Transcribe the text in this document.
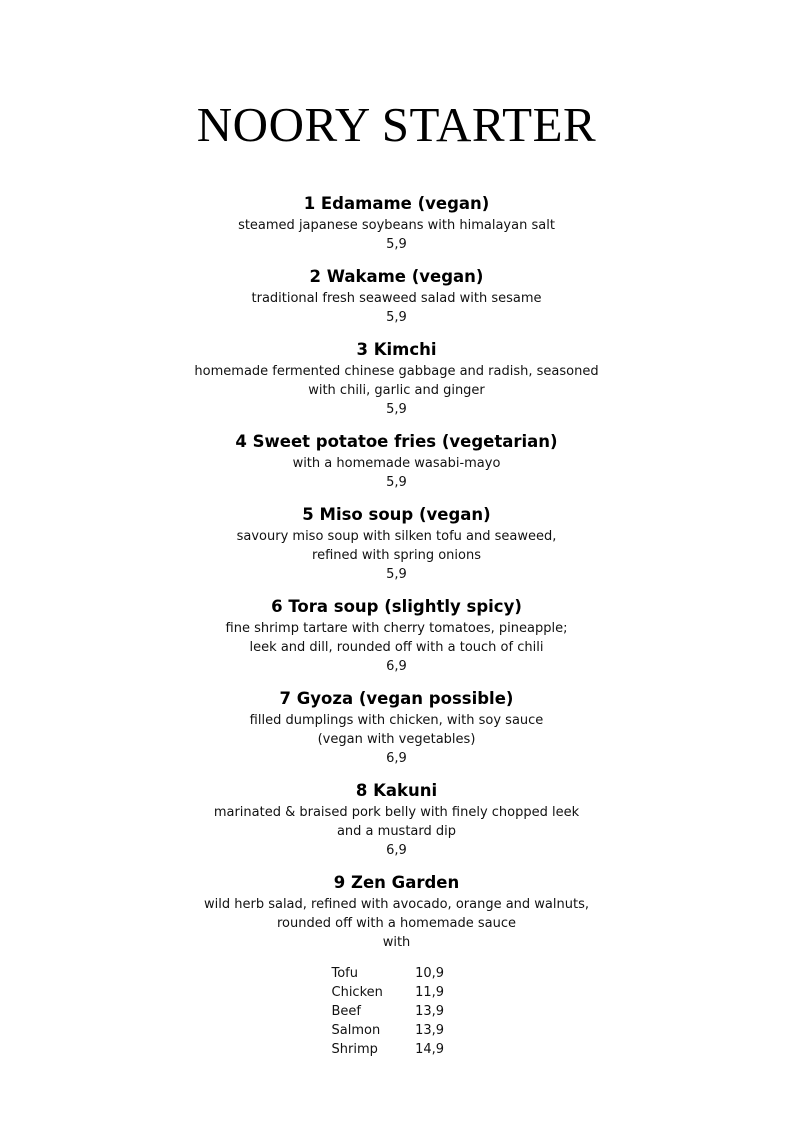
NOORY STARTER
1 Edamame (vegan)
steamed japanese soybeans with himalayan salt
5,9
2 Wakame (vegan)
traditional fresh seaweed salad with sesame
5,9
3 Kimchi
homemade fermented chinese gabbage and radish, seasoned
with chili, garlic and ginger
5,9
4 Sweet potatoe fries (vegetarian)
with a homemade wasabi-mayo
5,9
5 Miso soup (vegan)
savoury miso soup with silken tofu and seaweed,
refined with spring onions
5,9
6 Tora soup (slightly spicy)
fine shrimp tartare with cherry tomatoes, pineapple;
leek and dill, rounded off with a touch of chili
6,9
7 Gyoza (vegan possible)
filled dumplings with chicken, with soy sauce
(vegan with vegetables)
6,9
8 Kakuni
marinated & braised pork belly with finely chopped leek
and a mustard dip
6,9
9 Zen Garden
wild herb salad, refined with avocado, orange and walnuts,
rounded off with a homemade sauce
with
Tofu	10,9
Chicken	11,9
Beef	13,9
Salmon	13,9
Shrimp	14,9
